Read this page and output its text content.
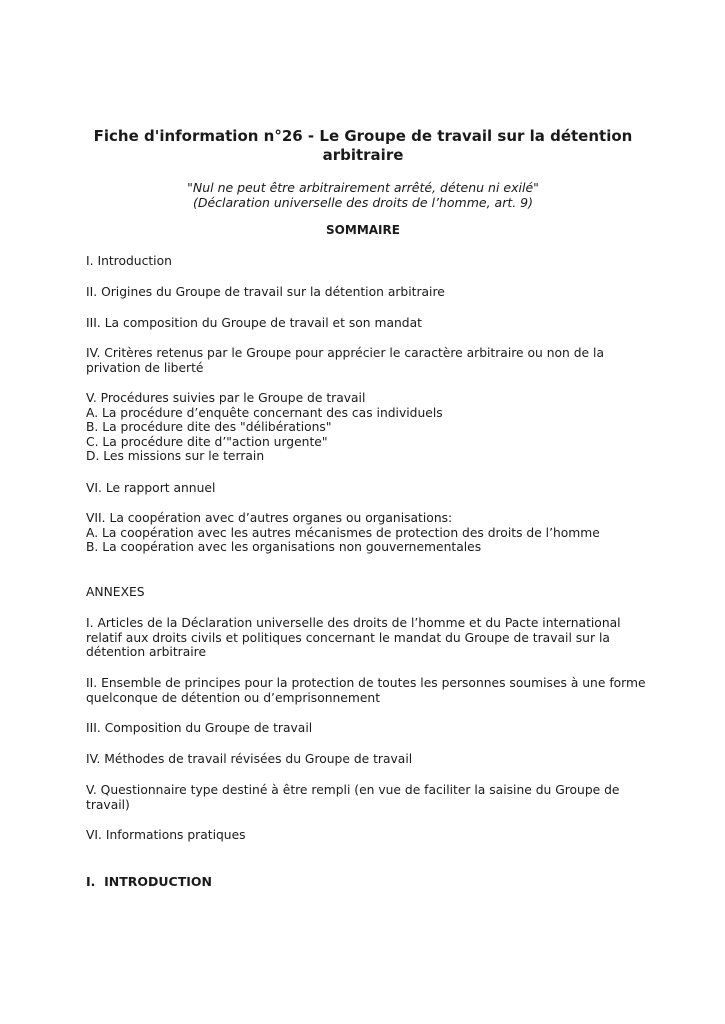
Fiche d'information n°26 - Le Groupe de travail sur la détention arbitraire
"Nul ne peut être arbitrairement arrêté, détenu ni exilé"
(Déclaration universelle des droits de l’homme, art. 9)
SOMMAIRE
I. Introduction
II. Origines du Groupe de travail sur la détention arbitraire
III. La composition du Groupe de travail et son mandat
IV. Critères retenus par le Groupe pour apprécier le caractère arbitraire ou non de la
privation de liberté
V. Procédures suivies par le Groupe de travail
A. La procédure d’enquête concernant des cas individuels
B. La procédure dite des "délibérations"
C. La procédure dite d’"action urgente"
D. Les missions sur le terrain
VI. Le rapport annuel
VII. La coopération avec d’autres organes ou organisations:
A. La coopération avec les autres mécanismes de protection des droits de l’homme
B. La coopération avec les organisations non gouvernementales
ANNEXES
I. Articles de la Déclaration universelle des droits de l’homme et du Pacte international
relatif aux droits civils et politiques concernant le mandat du Groupe de travail sur la
détention arbitraire
II. Ensemble de principes pour la protection de toutes les personnes soumises à une forme
quelconque de détention ou d’emprisonnement
III. Composition du Groupe de travail
IV. Méthodes de travail révisées du Groupe de travail
V. Questionnaire type destiné à être rempli (en vue de faciliter la saisine du Groupe de
travail)
VI. Informations pratiques
I.  INTRODUCTION
